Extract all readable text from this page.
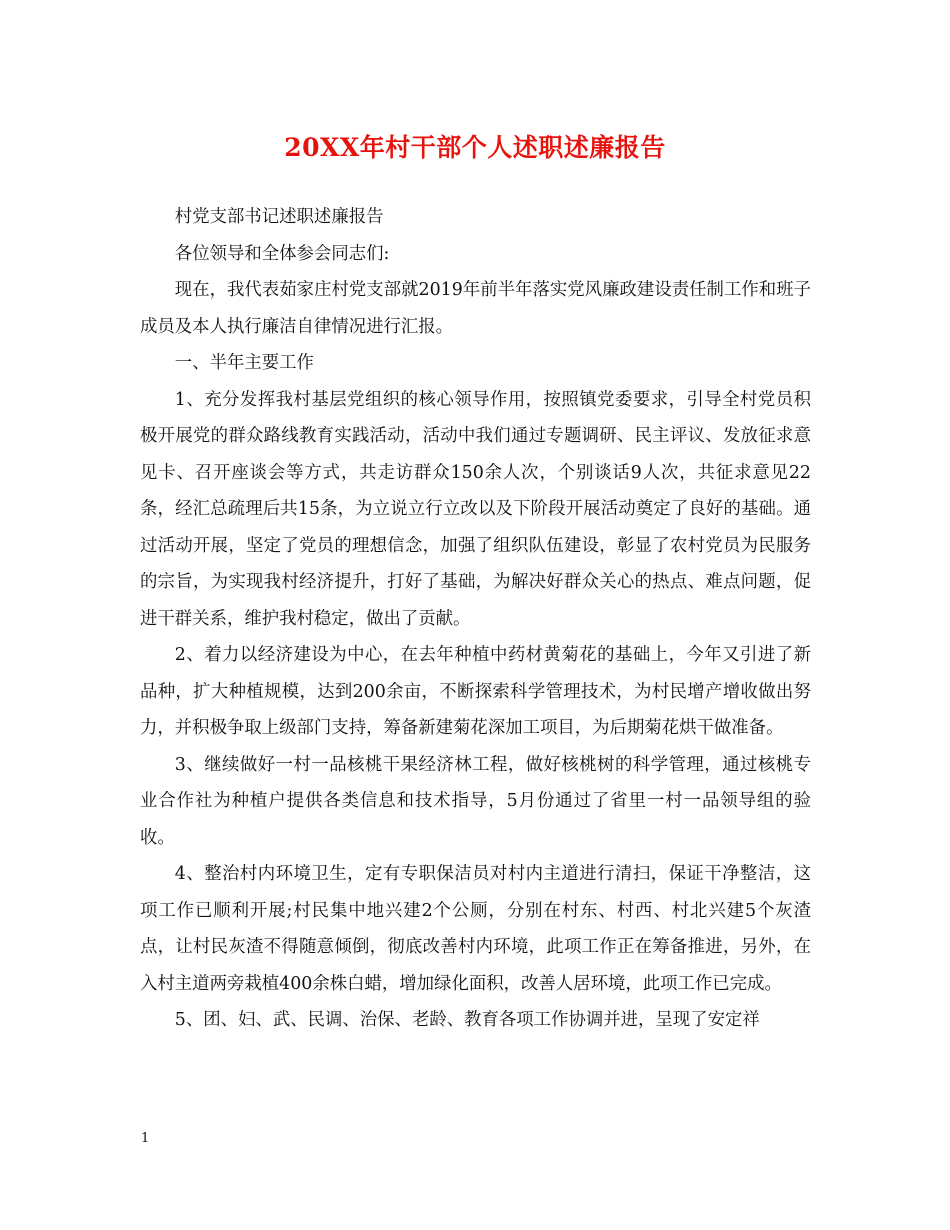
20XX年村干部个人述职述廉报告

村党支部书记述职述廉报告

各位领导和全体参会同志们:

现在，我代表茹家庄村党支部就2019年前半年落实党风廉政建设责任制工作和班子成员及本人执行廉洁自律情况进行汇报。

一、半年主要工作

1、充分发挥我村基层党组织的核心领导作用，按照镇党委要求，引导全村党员积极开展党的群众路线教育实践活动，活动中我们通过专题调研、民主评议、发放征求意见卡、召开座谈会等方式，共走访群众150余人次，个别谈话9人次，共征求意见22条，经汇总疏理后共15条，为立说立行立改以及下阶段开展活动奠定了良好的基础。通过活动开展，坚定了党员的理想信念，加强了组织队伍建设，彰显了农村党员为民服务的宗旨，为实现我村经济提升，打好了基础，为解决好群众关心的热点、难点问题，促进干群关系，维护我村稳定，做出了贡献。

2、着力以经济建设为中心，在去年种植中药材黄菊花的基础上，今年又引进了新品种，扩大种植规模，达到200余亩，不断探索科学管理技术，为村民增产增收做出努力，并积极争取上级部门支持，筹备新建菊花深加工项目，为后期菊花烘干做准备。

3、继续做好一村一品核桃干果经济林工程，做好核桃树的科学管理，通过核桃专业合作社为种植户提供各类信息和技术指导，5月份通过了省里一村一品领导组的验收。

4、整治村内环境卫生，定有专职保洁员对村内主道进行清扫，保证干净整洁，这项工作已顺利开展;村民集中地兴建2个公厕，分别在村东、村西、村北兴建5个灰渣点，让村民灰渣不得随意倾倒，彻底改善村内环境，此项工作正在筹备推进，另外，在入村主道两旁栽植400余株白蜡，增加绿化面积，改善人居环境，此项工作已完成。

5、团、妇、武、民调、治保、老龄、教育各项工作协调并进，呈现了安定祥

1
